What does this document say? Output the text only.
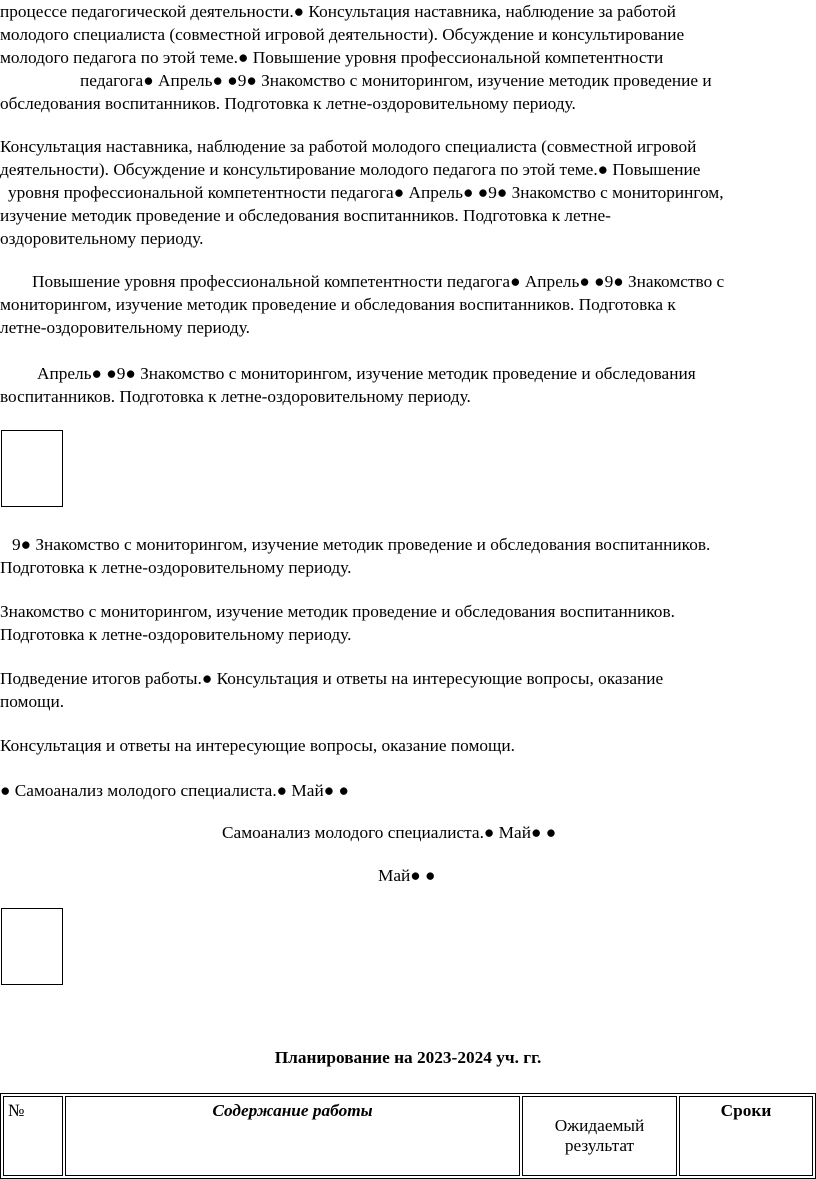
процессе педагогической деятельности.● Консультация наставника, наблюдение за работой
молодого специалиста (совместной игровой деятельности). Обсуждение и консультирование
молодого педагога по этой теме.● Повышение уровня профессиональной компетентности
педагога● Апрель● ●9● Знакомство с мониторингом, изучение методик проведение и
обследования воспитанников. Подготовка к летне-оздоровительному периоду.
Консультация наставника, наблюдение за работой молодого специалиста (совместной игровой
деятельности). Обсуждение и консультирование молодого педагога по этой теме.● Повышение
уровня профессиональной компетентности педагога● Апрель● ●9● Знакомство с мониторингом,
изучение методик проведение и обследования воспитанников. Подготовка к летне-
оздоровительному периоду.
Повышение уровня профессиональной компетентности педагога● Апрель● ●9● Знакомство с
мониторингом, изучение методик проведение и обследования воспитанников. Подготовка к
летне-оздоровительному периоду.
Апрель● ●9● Знакомство с мониторингом, изучение методик проведение и обследования
воспитанников. Подготовка к летне-оздоровительному периоду.
9● Знакомство с мониторингом, изучение методик проведение и обследования воспитанников.
Подготовка к летне-оздоровительному периоду.
Знакомство с мониторингом, изучение методик проведение и обследования воспитанников.
Подготовка к летне-оздоровительному периоду.
Подведение итогов работы.● Консультация и ответы на интересующие вопросы, оказание
помощи.
Консультация и ответы на интересующие вопросы, оказание помощи.
● Самоанализ молодого специалиста.● Май● ●
Самоанализ молодого специалиста.● Май● ●
Май● ●
Планирование на 2023-2024 уч. гг.
№	Содержание работы	Ожидаемый результат	Сроки
